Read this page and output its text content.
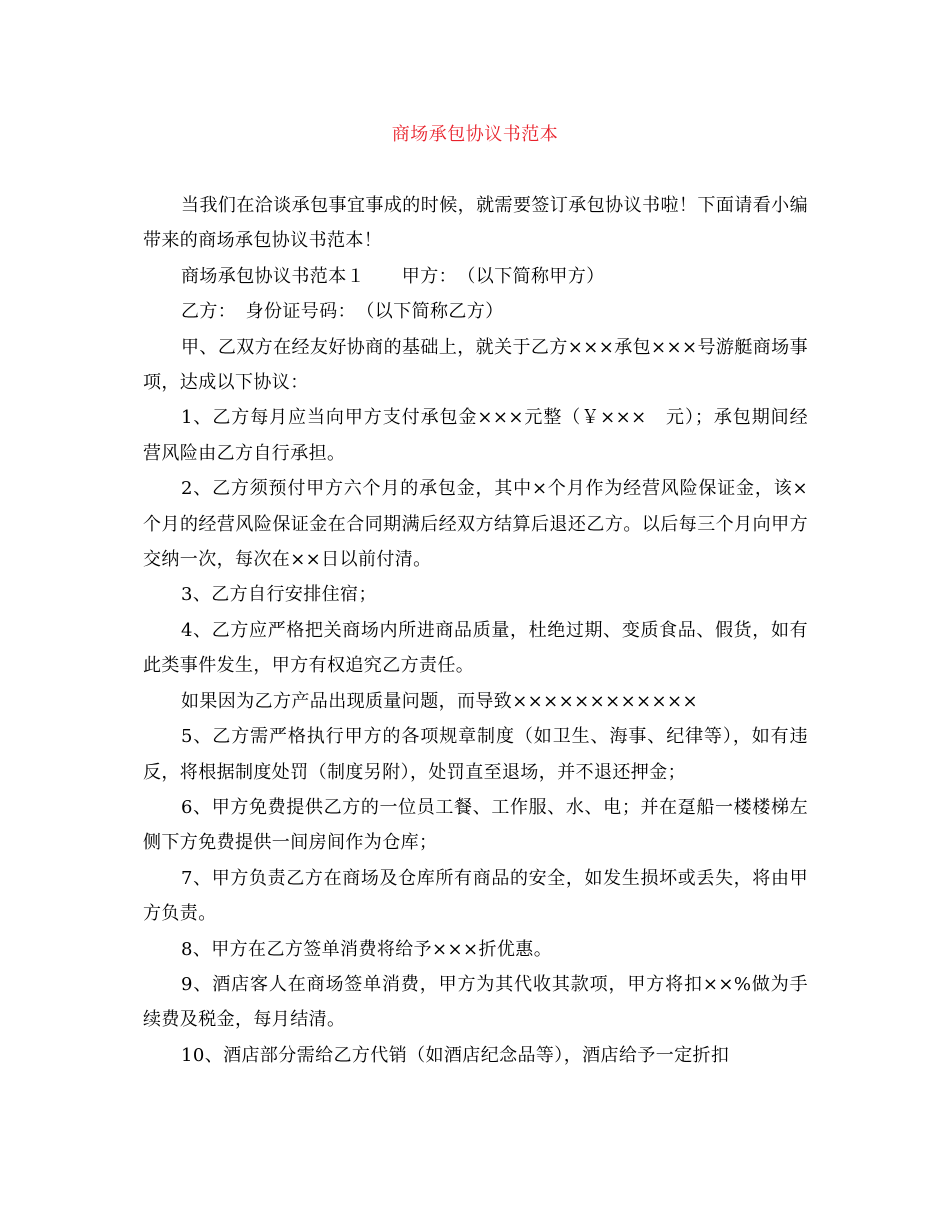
商场承包协议书范本

当我们在洽谈承包事宜事成的时候，就需要签订承包协议书啦！下面请看小编带来的商场承包协议书范本！

商场承包协议书范本１　　甲方：　（以下简称甲方）

乙方：　身份证号码：　（以下简称乙方）

甲、乙双方在经友好协商的基础上，就关于乙方×××承包×××号游艇商场事项，达成以下协议：

1、乙方每月应当向甲方支付承包金×××元整（￥×××　元）；承包期间经营风险由乙方自行承担。

2、乙方须预付甲方六个月的承包金，其中×个月作为经营风险保证金，该×个月的经营风险保证金在合同期满后经双方结算后退还乙方。以后每三个月向甲方交纳一次，每次在××日以前付清。

3、乙方自行安排住宿；

4、乙方应严格把关商场内所进商品质量，杜绝过期、变质食品、假货，如有此类事件发生，甲方有权追究乙方责任。

如果因为乙方产品出现质量问题，而导致××××××××××××

5、乙方需严格执行甲方的各项规章制度（如卫生、海事、纪律等），如有违反，将根据制度处罚（制度另附），处罚直至退场，并不退还押金；

6、甲方免费提供乙方的一位员工餐、工作服、水、电；并在趸船一楼楼梯左侧下方免费提供一间房间作为仓库；

7、甲方负责乙方在商场及仓库所有商品的安全，如发生损坏或丢失，将由甲方负责。

8、甲方在乙方签单消费将给予×××折优惠。

9、酒店客人在商场签单消费，甲方为其代收其款项，甲方将扣××%做为手续费及税金，每月结清。

10、酒店部分需给乙方代销（如酒店纪念品等），酒店给予一定折扣
